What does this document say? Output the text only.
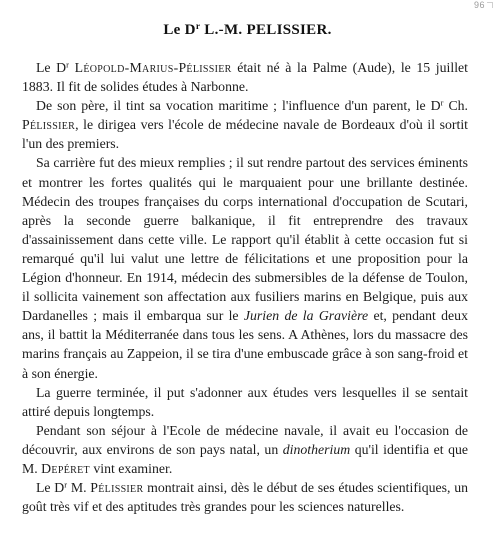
96
Le $D^r$ L.-M. PELISSIER.

Le $D^r$ Léopold-Marius-Pélissier était né à la Palme (Aude), le 15 juillet 1883. Il fit de solides études à Narbonne.

De son père, il tint sa vocation maritime ; l'influence d'un parent, le $D^r$ Ch. Pélissier, le dirigea vers l'école de médecine navale de Bordeaux d'où il sortit l'un des premiers.

Sa carrière fut des mieux remplies ; il sut rendre partout des services éminents et montrer les fortes qualités qui le marquaient pour une brillante destinée. Médecin des troupes françaises du corps international d'occupation de Scutari, après la seconde guerre balkanique, il fit entreprendre des travaux d'assainissement dans cette ville. Le rapport qu'il établit à cette occasion fut si remarqué qu'il lui valut une lettre de félicitations et une proposition pour la Légion d'honneur. En 1914, médecin des submersibles de la défense de Toulon, il sollicita vainement son affectation aux fusiliers marins en Belgique, puis aux Dardanelles ; mais il embarqua sur le Jurien de la Gravière et, pendant deux ans, il battit la Méditerranée dans tous les sens. A Athènes, lors du massacre des marins français au Zappeion, il se tira d'une embuscade grâce à son sang-froid et à son énergie.

La guerre terminée, il put s'adonner aux études vers lesquelles il se sentait attiré depuis longtemps.

Pendant son séjour à l'Ecole de médecine navale, il avait eu l'occasion de découvrir, aux environs de son pays natal, un dinotherium qu'il identifia et que M. Depéret vint examiner.

Le $D^r$ M. Pélissier montrait ainsi, dès le début de ses études scientifiques, un goût très vif et des aptitudes très grandes pour les sciences naturelles.
